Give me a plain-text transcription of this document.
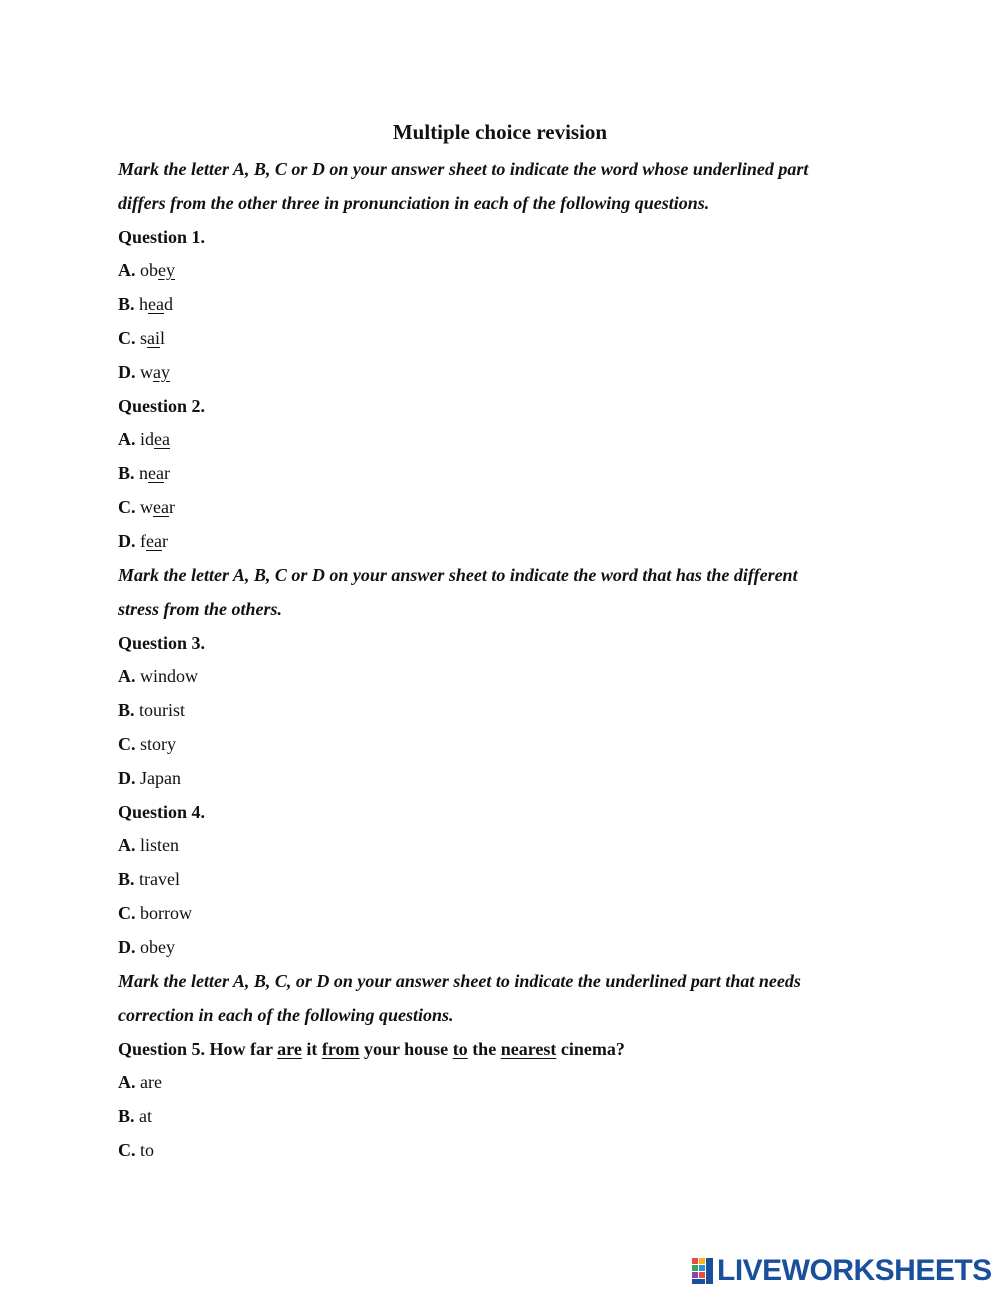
Multiple choice revision
Mark the letter A, B, C or D on your answer sheet to indicate the word whose underlined part
differs from the other three in pronunciation in each of the following questions.
Question 1.
A. obey
B. head
C. sail
D. way
Question 2.
A. idea
B. near
C. wear
D. fear
Mark the letter A, B, C or D on your answer sheet to indicate the word that has the different
stress from the others.
Question 3.
A. window
B. tourist
C. story
D. Japan
Question 4.
A. listen
B. travel
C. borrow
D. obey
Mark the letter A, B, C, or D on your answer sheet to indicate the underlined part that needs
correction in each of the following questions.
Question 5. How far are it from your house to the nearest cinema?
A. are
B. at
C. to
LIVEWORKSHEETS
